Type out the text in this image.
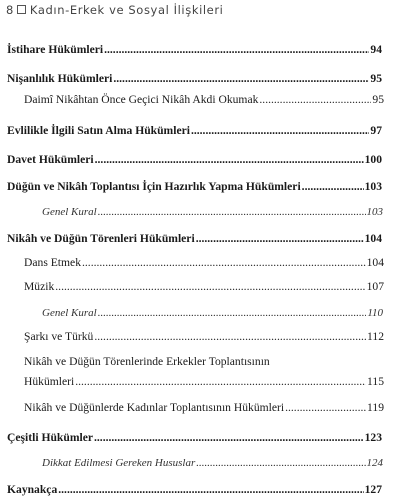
8 Kadın-Erkek ve Sosyal İlişkileri
İstihare Hükümleri .....	94
Nişanlılık Hükümleri .....	95
Daimî Nikâhtan Önce Geçici Nikâh Akdi Okumak .....	95
Evlilikle İlgili Satın Alma Hükümleri .....	97
Davet Hükümleri .....	100
Düğün ve Nikâh Toplantısı İçin Hazırlık Yapma Hükümleri .....	103
Genel Kural .....	103
Nikâh ve Düğün Törenleri Hükümleri .....	104
Dans Etmek .....	104
Müzik .....	107
Genel Kural .....	110
Şarkı ve Türkü .....	112
Nikâh ve Düğün Törenlerinde Erkekler Toplantısının
Hükümleri .....	115
Nikâh ve Düğünlerde Kadınlar Toplantısının Hükümleri .....	119
Çeşitli Hükümler .....	123
Dikkat Edilmesi Gereken Hususlar .....	124
Kaynakça .....	127
